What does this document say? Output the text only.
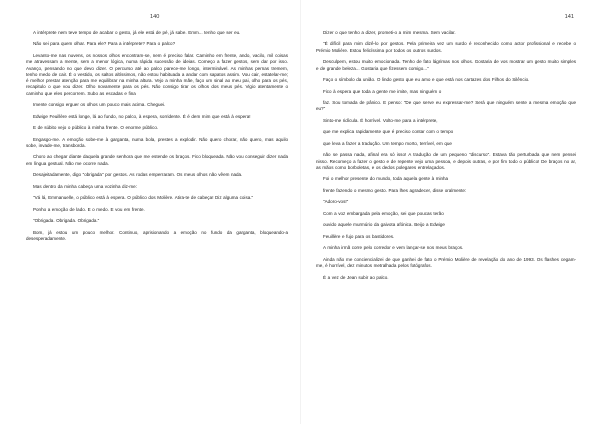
140

A intérprete nem teve tempo de acabar o gesto, já ele está de pé, já sabe. Emm... tenho que ser eu.

Não sei para quem olhar. Para ele? Para a intérprete? Para o palco?

Levanto-me nas nuvens, os nossos olhos encontram-se, nem é preciso falar. Caminho em frente, ando, vacilo, mil coisas me atravessam a mente, sem a menor lógica, numa rápida sucessão de ideias. Começo a fazer gestos, sem dar por isso. Avanço, pensando no que devo dizer. O percurso até ao palco parece-me longo, interminável. As minhas pernas tremem, tenho medo de cair. É o vestido, os saltos altíssimos, não estou habituada a andar com sapatos assim. Vou cair, estatelar-me; é melhor prestar atenção para me equilibrar na minha altura. Vejo a minha mãe, faço um sinal ao meu pai, olho para os pés, recapitulo o que vou dizer. Olho novamente para os pés. Não consigo tirar os olhos dos meus pés. Vigio atentamente o caminho que eles percorrem. Subo as escadas e fina

Imente consigo erguer os olhos um pouco mais acima. Cheguei.

Edwige Feuillère está longe, lá ao fundo, no palco, à espera, sorridente. É é dem mim que está à espera!

E de súbito vejo o público à minha frente. O enorme público.

Engasgo-me. A emoção sobe-me à garganta, numa bola, prestes a explodir. Não quero chorar, não quero, mas aquilo sobe, invade-me, transborda.

Choro ao chegar diante daquela grande senhora que me estende os braços. Fico bloqueada. Não vou conseguir dizer nada em língua gestual. Não me ocorre nada.

Desajeitadamente, digo "obrigada" por gestos. As rodas emperraram. Os meus olhos não vêem nada.

Mas dentro da minha cabeça uma vozinha diz-me:

"Vá lá, Emmanuelle, o público está à espera. O público dos Molière. Atira-te de cabeça! Diz alguma coisa."

Ponho a emoção de lado. E o medo. E vou em frente.

"Obrigada. Obrigada. Obrigada."

Bom, já estou um pouco melhor. Continuo, aprisionando a emoção no fundo da garganta, bloqueando-a desesperadamente.

141

Dizer o que tenho a dizer, prometi-o a mim mesma. Sem vacilar.

"É difícil para mim dizê-lo por gestos. Pela primeira vez um surdo é reconhecido como actor profissional e recebe o Prémio Molière. Estou felicíssima por todos os outros surdos.

Desculpem, estou muito emocionada. Tenho de fato lágrimas nos olhos. Gostaria de vos mostrar um gesto muito simples e de grande beleza... Gostaria que fizessem comigo..."

Faço o símbolo da união. O lindo gesto que eu amo e que está nos cartazes dos Filhos do Silêncio.

Fico à espera que toda a gente me imite, mas ninguém o

faz. Sou tomada de pânico. E penso: "De que serve eu expressar-me? Será que ninguém sente a mesma emoção que eu?"

Sinto-me ridícula. É horrível. Volto-me para a intérprete,

que me explica rapidamente que é preciso contar com o tempo

que leva a fazer a tradução. Um tempo morto, terrível, em que

não se passa nada, afinal era só isso! A tradução de um pequeno "discurso". Estava tão perturbada que nem pensei nisso. Recomeço a fazer o gesto e de repente vejo uma pessoa, e depois outras, e por fim todo o público! De braços no ar, as mãos como borboletas, e os dedos polegares entrelaçados.

Foi o melhor presente do mundo, toda aquela gente à minha

frente fazendo o mesmo gesto. Para lhes agradecer, disse oralmente:

"Adoro-vos!"

Com a voz embargada pela emoção, sei que poucas terão

ouvido aquele murmúrio da gaivota afónica. Beijo a Edwige

Feuillère e fujo para os bastidores.

A minha irmã corre pelo corredor e vem lançar-se nos meus braços.

Ainda não me conciencializei de que ganhei de fato o Prémio Molière de revelação do ano de 1993. Os flashes cegam-me, é horrível, dez minutos metralhada pelos fotógrafos.

É a vez de Jean subir ao palco.
